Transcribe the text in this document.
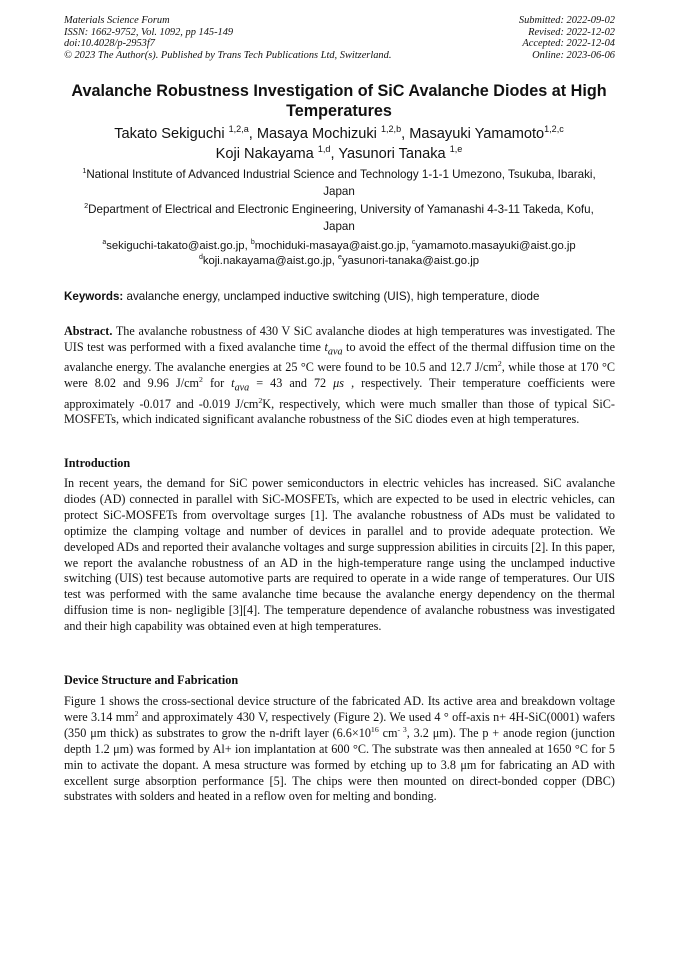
Materials Science Forum
ISSN: 1662-9752, Vol. 1092, pp 145-149
doi:10.4028/p-2953f7
© 2023 The Author(s). Published by Trans Tech Publications Ltd, Switzerland.
Submitted: 2022-09-02
Revised: 2022-12-02
Accepted: 2022-12-04
Online: 2023-06-06
Avalanche Robustness Investigation of SiC Avalanche Diodes at High Temperatures
Takato Sekiguchi $^{1,2,a}$, Masaya Mochizuki $^{1,2,b}$, Masayuki Yamamoto$^{1,2,c}$
Koji Nakayama $^{1,d}$, Yasunori Tanaka $^{1,e}$
$^1$National Institute of Advanced Industrial Science and Technology 1-1-1 Umezono, Tsukuba, Ibaraki, Japan
$^2$Department of Electrical and Electronic Engineering, University of Yamanashi 4-3-11 Takeda, Kofu, Japan
$^a$sekiguchi-takato@aist.go.jp, $^b$mochiduki-masaya@aist.go.jp, $^c$yamamoto.masayuki@aist.go.jp
$^d$koji.nakayama@aist.go.jp, $^e$yasunori-tanaka@aist.go.jp
Keywords: avalanche energy, unclamped inductive switching (UIS), high temperature, diode
Abstract. The avalanche robustness of 430 V SiC avalanche diodes at high temperatures was investigated. The UIS test was performed with a fixed avalanche time $t_{ava}$ to avoid the effect of the thermal diffusion time on the avalanche energy. The avalanche energies at 25 °C were found to be 10.5 and 12.7 $J/cm^2$, while those at 170 °C were 8.02 and 9.96 $J/cm^2$ for $t_{ava} = 43$ and 72 μs , respectively. Their temperature coefficients were approximately -0.017 and -0.019 $J/cm^2K$, respectively, which were much smaller than those of typical SiC-MOSFETs, which indicated significant avalanche robustness of the SiC diodes even at high temperatures.
Introduction
In recent years, the demand for SiC power semiconductors in electric vehicles has increased. SiC avalanche diodes (AD) connected in parallel with SiC-MOSFETs, which are expected to be used in electric vehicles, can protect SiC-MOSFETs from overvoltage surges [1]. The avalanche robustness of ADs must be validated to optimize the clamping voltage and number of devices in parallel and to provide adequate protection. We developed ADs and reported their avalanche voltages and surge suppression abilities in circuits [2]. In this paper, we report the avalanche robustness of an AD in the high-temperature range using the unclamped inductive switching (UIS) test because automotive parts are required to operate in a wide range of temperatures. Our UIS test was performed with the same avalanche time because the avalanche energy dependency on the thermal diffusion time is non- negligible [3][4]. The temperature dependence of avalanche robustness was investigated and their high capability was obtained even at high temperatures.
Device Structure and Fabrication
Figure 1 shows the cross-sectional device structure of the fabricated AD. Its active area and breakdown voltage were 3.14 $mm^2$ and approximately 430 V, respectively (Figure 2). We used 4 ° off-axis n+ 4H-SiC(0001) wafers (350 μm thick) as substrates to grow the n-drift layer ($6.6\times 10^{16}$ $cm^{- 3}$, 3.2 μm). The p + anode region (junction depth 1.2 μm) was formed by Al+ ion implantation at 600 °C. The substrate was then annealed at 1650 °C for 5 min to activate the dopant. A mesa structure was formed by etching up to 3.8 μm for fabricating an AD with excellent surge absorption performance [5]. The chips were then mounted on direct-bonded copper (DBC) substrates with solders and heated in a reflow oven for melting and bonding.
